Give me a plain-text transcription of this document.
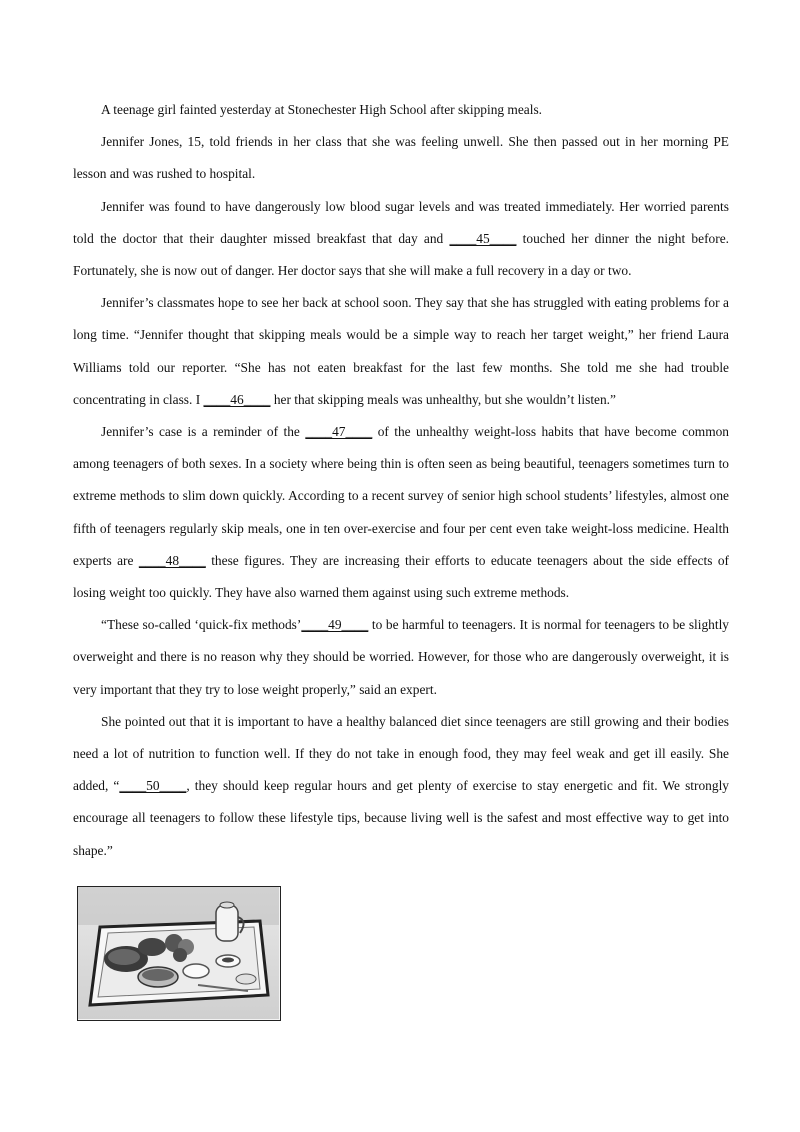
A teenage girl fainted yesterday at Stonechester High School after skipping meals.

Jennifer Jones, 15, told friends in her class that she was feeling unwell. She then passed out in her morning PE lesson and was rushed to hospital.

Jennifer was found to have dangerously low blood sugar levels and was treated immediately. Her worried parents told the doctor that their daughter missed breakfast that day and ____45____ touched her dinner the night before. Fortunately, she is now out of danger. Her doctor says that she will make a full recovery in a day or two.

Jennifer’s classmates hope to see her back at school soon. They say that she has struggled with eating problems for a long time. “Jennifer thought that skipping meals would be a simple way to reach her target weight,” her friend Laura Williams told our reporter. “She has not eaten breakfast for the last few months. She told me she had trouble concentrating in class. I ____46____ her that skipping meals was unhealthy, but she wouldn’t listen.”

Jennifer’s case is a reminder of the ____47____ of the unhealthy weight-loss habits that have become common among teenagers of both sexes. In a society where being thin is often seen as being beautiful, teenagers sometimes turn to extreme methods to slim down quickly. According to a recent survey of senior high school students’ lifestyles, almost one fifth of teenagers regularly skip meals, one in ten over-exercise and four per cent even take weight-loss medicine. Health experts are ____48____ these figures. They are increasing their efforts to educate teenagers about the side effects of losing weight too quickly. They have also warned them against using such extreme methods.

“These so-called ‘quick-fix methods’____49____ to be harmful to teenagers. It is normal for teenagers to be slightly overweight and there is no reason why they should be worried. However, for those who are dangerously overweight, it is very important that they try to lose weight properly,” said an expert.

She pointed out that it is important to have a healthy balanced diet since teenagers are still growing and their bodies need a lot of nutrition to function well. If they do not take in enough food, they may feel weak and get ill easily. She added, “____50____, they should keep regular hours and get plenty of exercise to stay energetic and fit. We strongly encourage all teenagers to follow these lifestyle tips, because living well is the safest and most effective way to get into shape.”
